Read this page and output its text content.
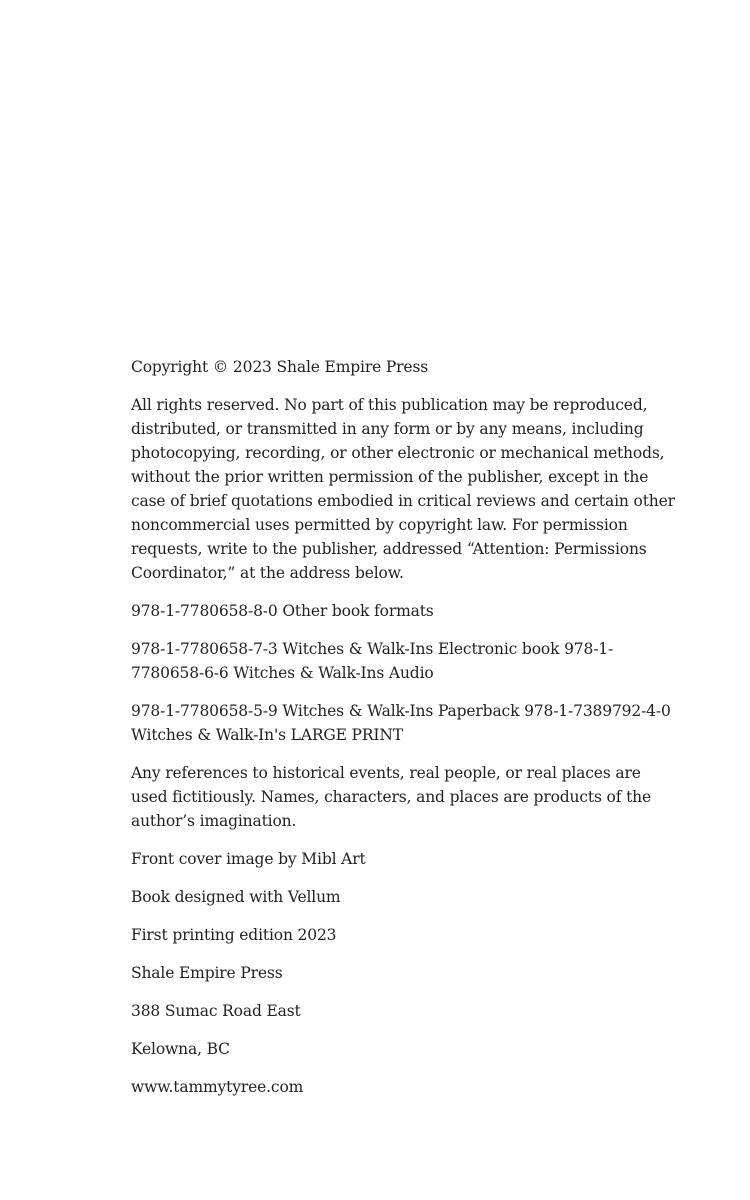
Copyright © 2023 Shale Empire Press

All rights reserved. No part of this publication may be reproduced, distributed, or transmitted in any form or by any means, including photocopying, recording, or other electronic or mechanical methods, without the prior written permission of the publisher, except in the case of brief quotations embodied in critical reviews and certain other noncommercial uses permitted by copyright law. For permission requests, write to the publisher, addressed “Attention: Permissions Coordinator,” at the address below.

978-1-7780658-8-0 Other book formats

978-1-7780658-7-3 Witches & Walk-Ins Electronic book 978-1-7780658-6-6 Witches & Walk-Ins Audio

978-1-7780658-5-9 Witches & Walk-Ins Paperback 978-1-7389792-4-0 Witches & Walk-In's LARGE PRINT

Any references to historical events, real people, or real places are used fictitiously. Names, characters, and places are products of the author’s imagination.

Front cover image by Mibl Art

Book designed with Vellum

First printing edition 2023

Shale Empire Press

388 Sumac Road East

Kelowna, BC

www.tammytyree.com
